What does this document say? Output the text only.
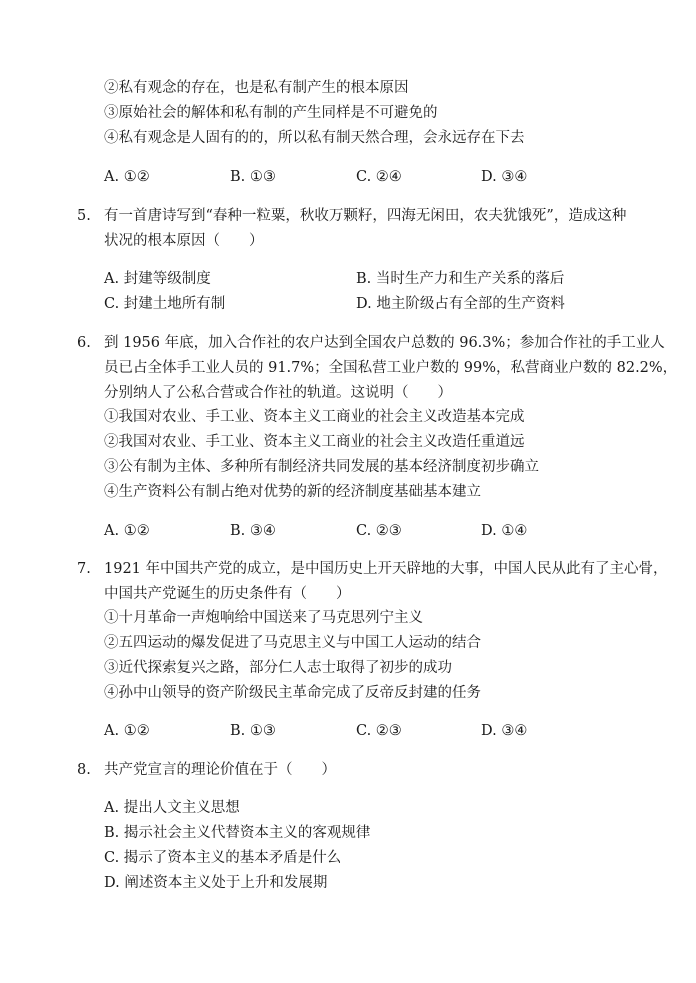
②私有观念的存在，也是私有制产生的根本原因
③原始社会的解体和私有制的产生同样是不可避免的
④私有观念是人固有的的，所以私有制天然合理，会永远存在下去
A. ①②	B. ①③	C. ②④	D. ③④
5. 有一首唐诗写到“春种一粒粟，秋收万颗籽，四海无闲田，农夫犹饿死”，造成这种
状况的根本原因（　　）
A. 封建等级制度	B. 当时生产力和生产关系的落后
C. 封建土地所有制	D. 地主阶级占有全部的生产资料
6. 到 1956 年底，加入合作社的农户达到全国农户总数的 96.3%；参加合作社的手工业人
员已占全体手工业人员的 91.7%；全国私营工业户数的 99%，私营商业户数的 82.2%，
分别纳人了公私合营或合作社的轨道。这说明（　　）
①我国对农业、手工业、资本主义工商业的社会主义改造基本完成
②我国对农业、手工业、资本主义工商业的社会主义改造任重道远
③公有制为主体、多种所有制经济共同发展的基本经济制度初步确立
④生产资料公有制占绝对优势的新的经济制度基础基本建立
A. ①②	B. ③④	C. ②③	D. ①④
7. 1921 年中国共产党的成立，是中国历史上开天辟地的大事，中国人民从此有了主心骨，
中国共产党诞生的历史条件有（　　）
①十月革命一声炮响给中国送来了马克思列宁主义
②五四运动的爆发促进了马克思主义与中国工人运动的结合
③近代探索复兴之路，部分仁人志士取得了初步的成功
④孙中山领导的资产阶级民主革命完成了反帝反封建的任务
A. ①②	B. ①③	C. ②③	D. ③④
8. 共产党宣言的理论价值在于（　　）
A. 提出人文主义思想
B. 揭示社会主义代替资本主义的客观规律
C. 揭示了资本主义的基本矛盾是什么
D. 阐述资本主义处于上升和发展期
